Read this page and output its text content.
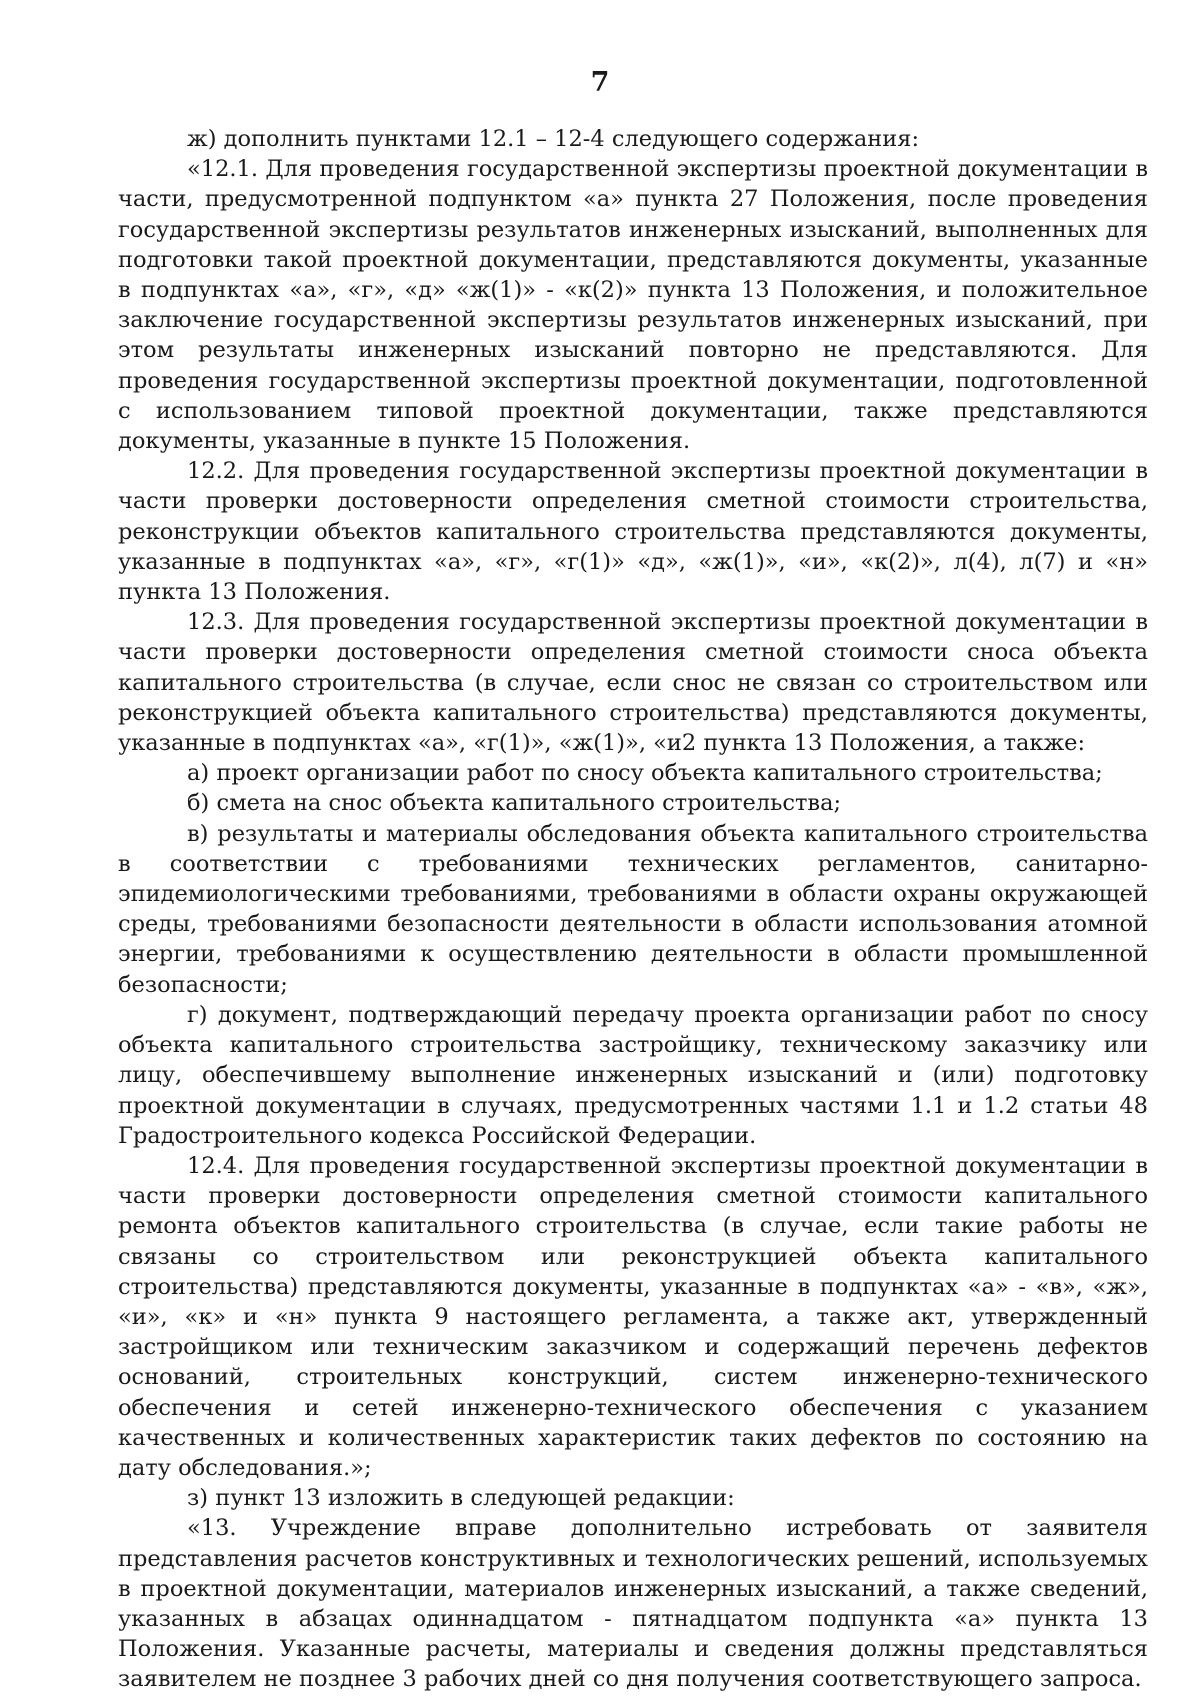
7

ж) дополнить пунктами 12.1 – 12-4 следующего содержания:

«12.1. Для проведения государственной экспертизы проектной документации в части, предусмотренной подпунктом «а» пункта 27 Положения, после проведения государственной экспертизы результатов инженерных изысканий, выполненных для подготовки такой проектной документации, представляются документы, указанные в подпунктах «а», «г», «д» «ж(1)» - «к(2)» пункта 13 Положения, и положительное заключение государственной экспертизы результатов инженерных изысканий, при этом результаты инженерных изысканий повторно не представляются. Для проведения государственной экспертизы проектной документации, подготовленной с использованием типовой проектной документации, также представляются документы, указанные в пункте 15 Положения.

12.2. Для проведения государственной экспертизы проектной документации в части проверки достоверности определения сметной стоимости строительства, реконструкции объектов капитального строительства представляются документы, указанные в подпунктах «а», «г», «г(1)» «д», «ж(1)», «и», «к(2)», л(4), л(7) и «н» пункта 13 Положения.

12.3. Для проведения государственной экспертизы проектной документации в части проверки достоверности определения сметной стоимости сноса объекта капитального строительства (в случае, если снос не связан со строительством или реконструкцией объекта капитального строительства) представляются документы, указанные в подпунктах «а», «г(1)», «ж(1)», «и2 пункта 13 Положения, а также:

а) проект организации работ по сносу объекта капитального строительства;

б) смета на снос объекта капитального строительства;

в) результаты и материалы обследования объекта капитального строительства в соответствии с требованиями технических регламентов, санитарно-эпидемиологическими требованиями, требованиями в области охраны окружающей среды, требованиями безопасности деятельности в области использования атомной энергии, требованиями к осуществлению деятельности в области промышленной безопасности;

г) документ, подтверждающий передачу проекта организации работ по сносу объекта капитального строительства застройщику, техническому заказчику или лицу, обеспечившему выполнение инженерных изысканий и (или) подготовку проектной документации в случаях, предусмотренных частями 1.1 и 1.2 статьи 48 Градостроительного кодекса Российской Федерации.

12.4. Для проведения государственной экспертизы проектной документации в части проверки достоверности определения сметной стоимости капитального ремонта объектов капитального строительства (в случае, если такие работы не связаны со строительством или реконструкцией объекта капитального строительства) представляются документы, указанные в подпунктах «а» - «в», «ж», «и», «к» и «н» пункта 9 настоящего регламента, а также акт, утвержденный застройщиком или техническим заказчиком и содержащий перечень дефектов оснований, строительных конструкций, систем инженерно-технического обеспечения и сетей инженерно-технического обеспечения с указанием качественных и количественных характеристик таких дефектов по состоянию на дату обследования.»;

з) пункт 13 изложить в следующей редакции:

«13. Учреждение вправе дополнительно истребовать от заявителя представления расчетов конструктивных и технологических решений, используемых в проектной документации, материалов инженерных изысканий, а также сведений, указанных в абзацах одиннадцатом - пятнадцатом подпункта «а» пункта 13 Положения. Указанные расчеты, материалы и сведения должны представляться заявителем не позднее 3 рабочих дней со дня получения соответствующего запроса.
